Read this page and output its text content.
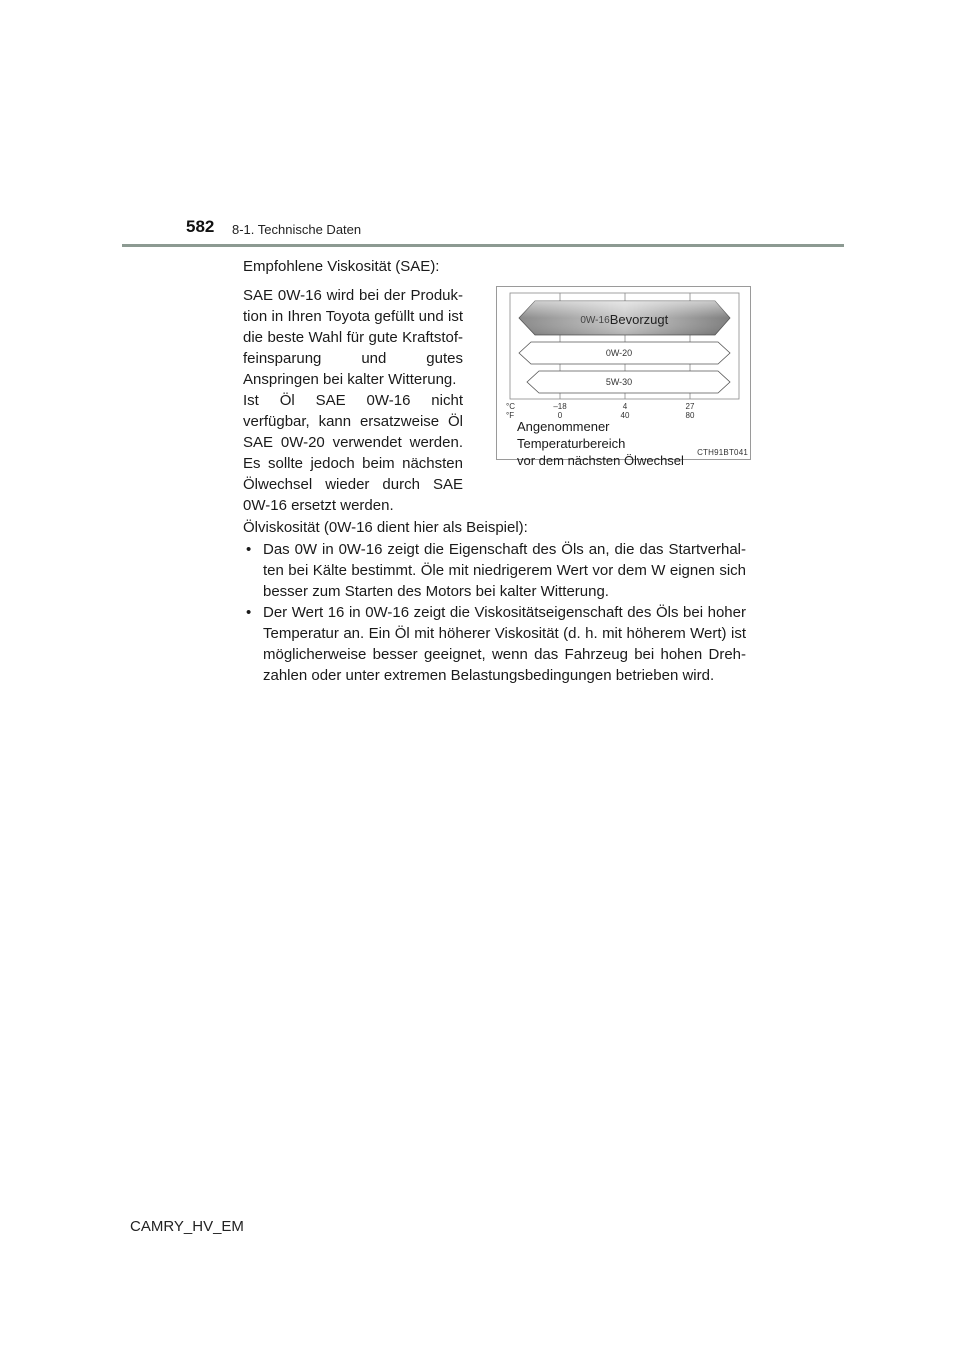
582 8-1. Technische Daten
Empfohlene Viskosität (SAE):

SAE 0W-16 wird bei der Produk-tion in Ihren Toyota gefüllt und ist die beste Wahl für gute Kraftstof-feinsparung und gutes Anspringen bei kalter Witterung.

Ist Öl SAE 0W-16 nicht verfügbar, kann ersatzweise Öl SAE 0W-20 verwendet werden. Es sollte jedoch beim nächsten Ölwechsel wieder durch SAE 0W-16 ersetzt werden.

0W-16 Bevorzugt
0W-20
5W-30
°C
°F
–18	4	27
0	40	80
Angenommener Temperaturbereich
vor dem nächsten Ölwechsel
CTH91BT041
Ölviskosität (0W-16 dient hier als Beispiel):
• Das 0W in 0W-16 zeigt die Eigenschaft des Öls an, die das Startverhal-ten bei Kälte bestimmt. Öle mit niedrigerem Wert vor dem W eignen sich besser zum Starten des Motors bei kalter Witterung.
• Der Wert 16 in 0W-16 zeigt die Viskositätseigenschaft des Öls bei hoher Temperatur an. Ein Öl mit höherer Viskosität (d. h. mit höherem Wert) ist möglicherweise besser geeignet, wenn das Fahrzeug bei hohen Dreh-zahlen oder unter extremen Belastungsbedingungen betrieben wird.
CAMRY_HV_EM
